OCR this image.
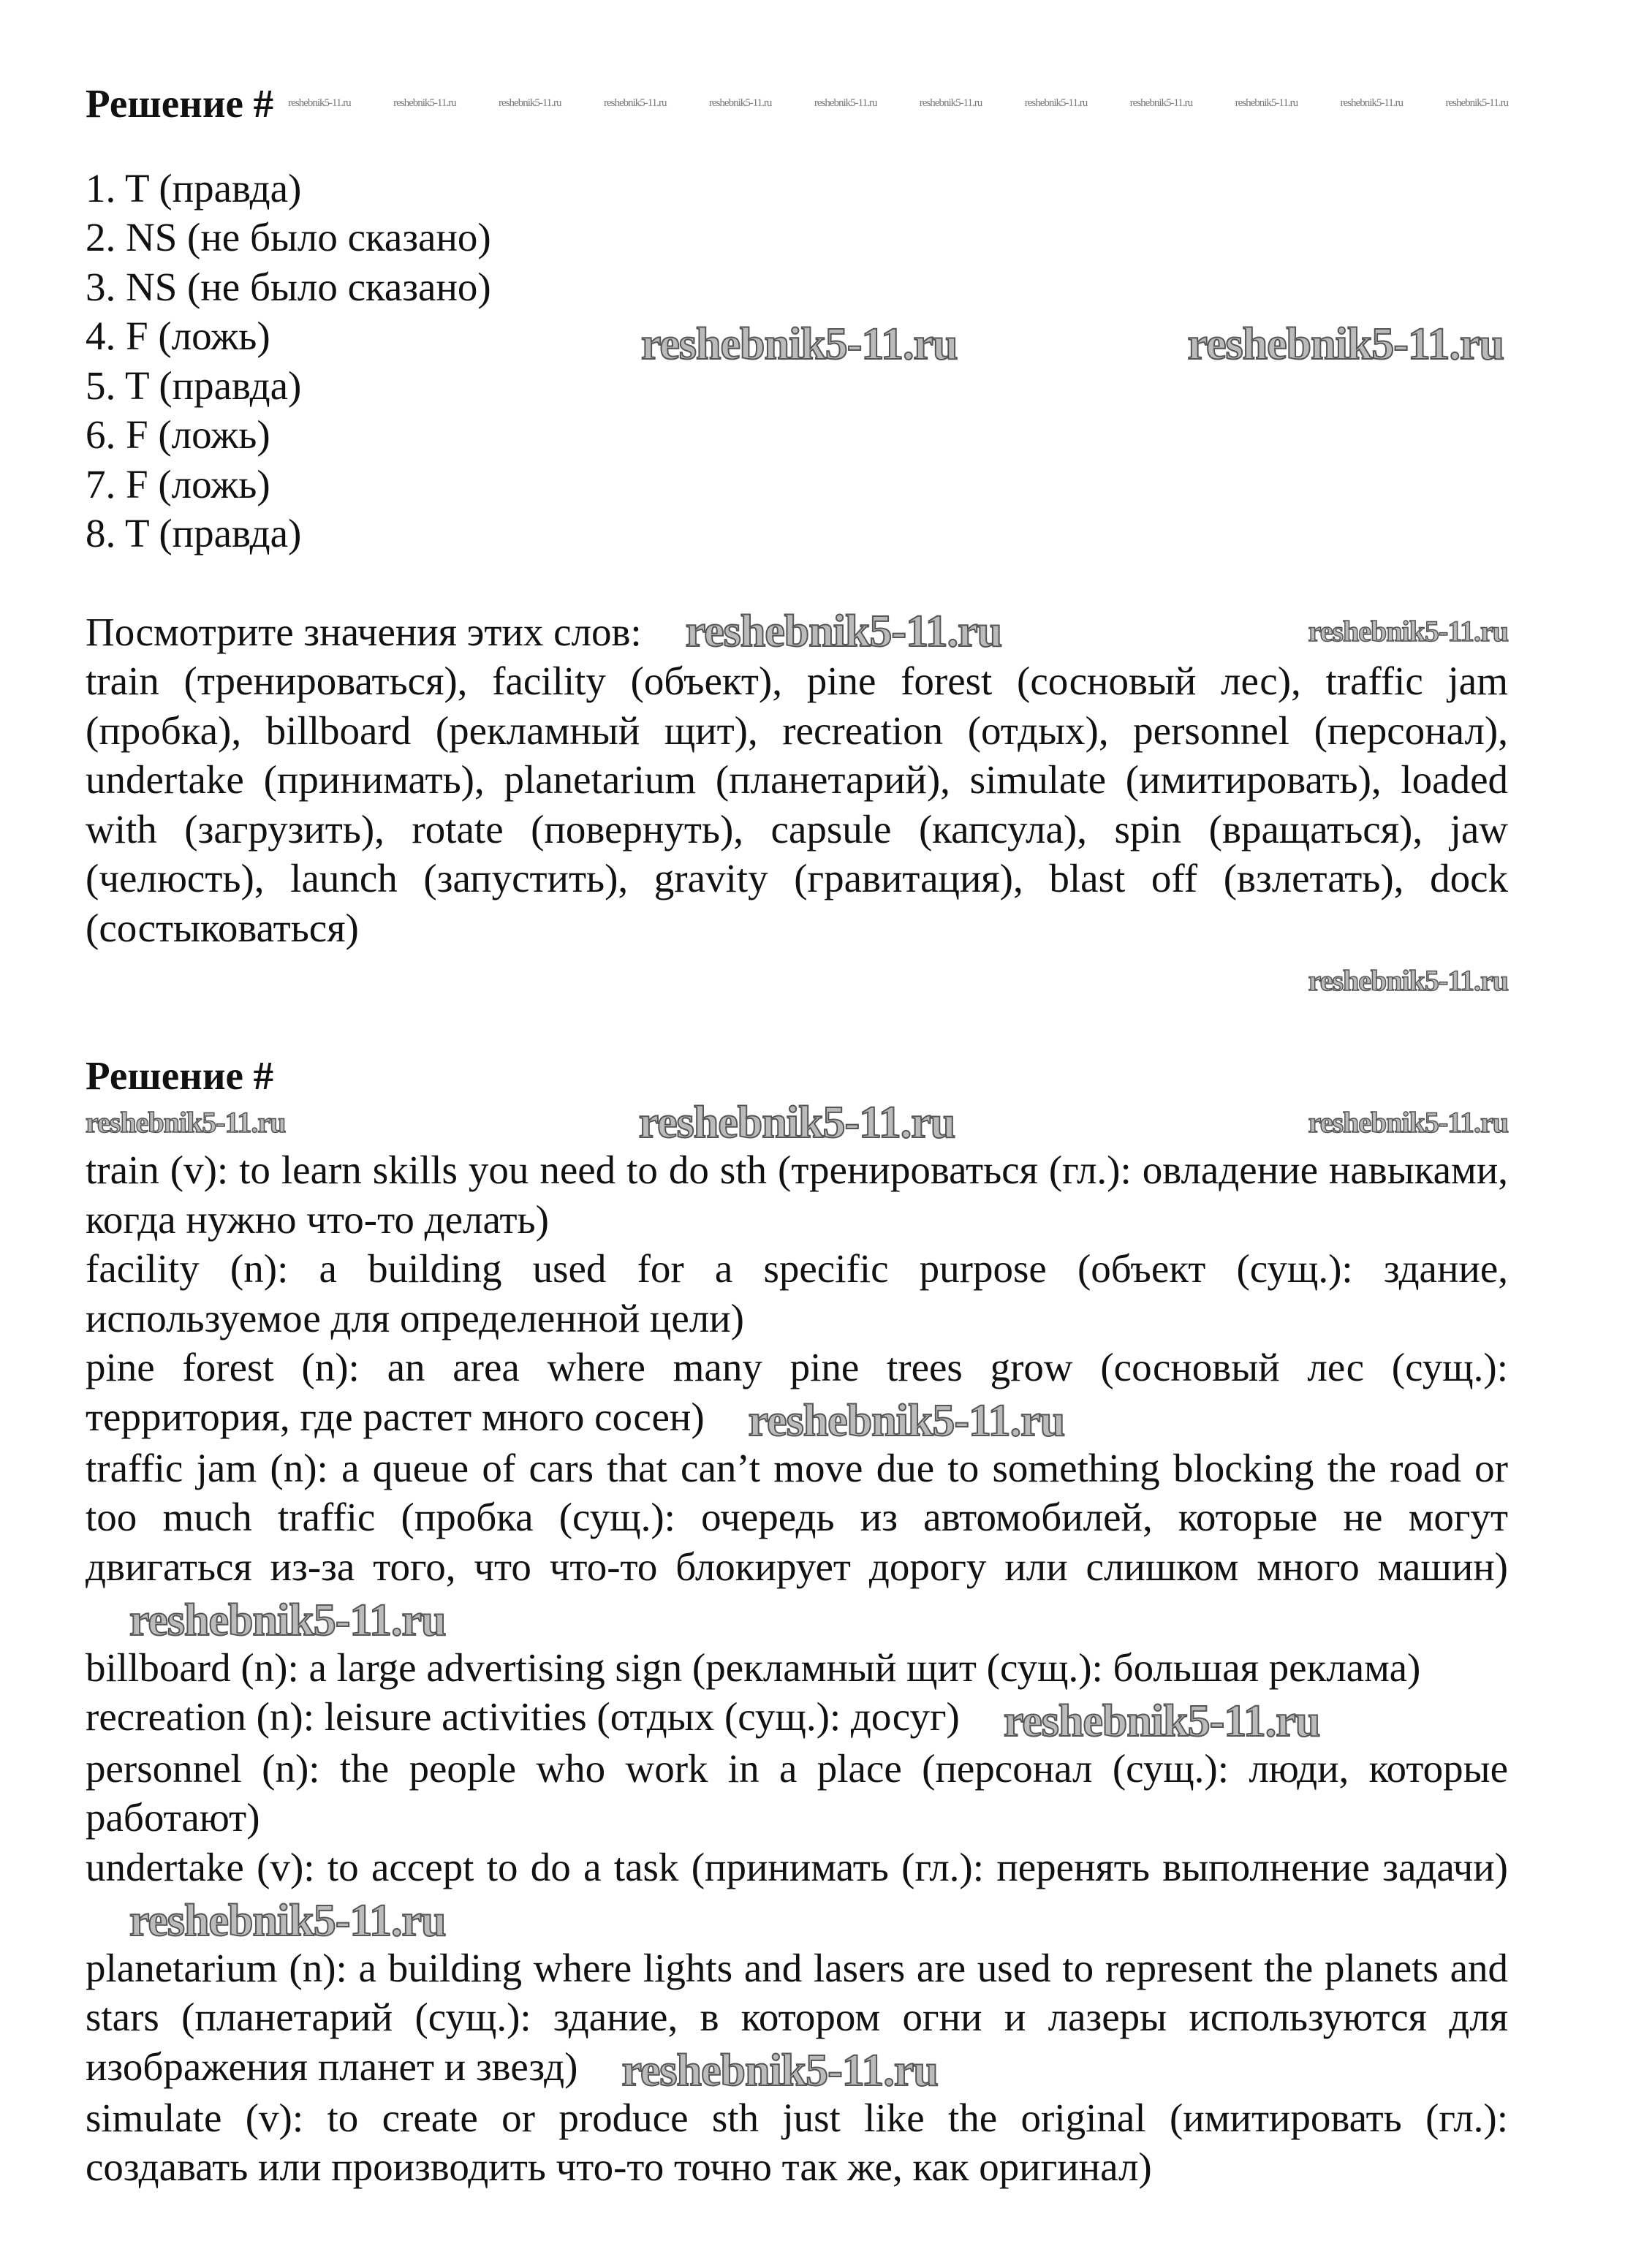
Решение # reshebnik5-11.ru	reshebnik5-11.ru	reshebnik5-11.ru	reshebnik5-11.ru	reshebnik5-11.ru	reshebnik5-11.ru	reshebnik5-11.ru	reshebnik5-11.ru	reshebnik5-11.ru	reshebnik5-11.ru	reshebnik5-11.ru	reshebnik5-11.ru

1. T (правда)

2. NS (не было сказано)

3. NS (не было сказано)

4. F (ложь)

5. T (правда)

6. F (ложь)

7. F (ложь)

8. T (правда)

reshebnik5-11.ru	reshebnik5-11.ru
Посмотрите значения этих слов: reshebnik5-11.ru	reshebnik5-11.ru

train (тренироваться), facility (объект), pine forest (сосновый лес), traffic jam (пробка), billboard (рекламный щит), recreation (отдых), personnel (персонал), undertake (принимать), planetarium (планетарий), simulate (имитировать), loaded with (загрузить), rotate (повернуть), capsule (капсула), spin (вращаться), jaw (челюсть), launch (запустить), gravity (гравитация), blast off (взлетать), dock (состыковаться)

reshebnik5-11.ru
Решение #
reshebnik5-11.ru	reshebnik5-11.ru	reshebnik5-11.ru

train (v): to learn skills you need to do sth (тренироваться (гл.): овладение навыками, когда нужно что-то делать)

facility (n): a building used for a specific purpose (объект (сущ.): здание, используемое для определенной цели)

pine forest (n): an area where many pine trees grow (сосновый лес (сущ.): территория, где растет много сосен) reshebnik5-11.ru

traffic jam (n): a queue of cars that can’t move due to something blocking the road or too much traffic (пробка (сущ.): очередь из автомобилей, которые не могут двигаться из-за того, что что-то блокирует дорогу или слишком много машин)reshebnik5-11.ru

billboard (n): a large advertising sign (рекламный щит (сущ.): большая реклама)

recreation (n): leisure activities (отдых (сущ.): досуг) reshebnik5-11.ru

personnel (n): the people who work in a place (персонал (сущ.): люди, которые работают)

undertake (v): to accept to do a task (принимать (гл.): перенять выполнение задачи)reshebnik5-11.ru

planetarium (n): a building where lights and lasers are used to represent the planets and stars (планетарий (сущ.): здание, в котором огни и лазеры используются для изображения планет и звезд) reshebnik5-11.ru

simulate (v): to create or produce sth just like the original (имитировать (гл.): создавать или производить что-то точно так же, как оригинал)
